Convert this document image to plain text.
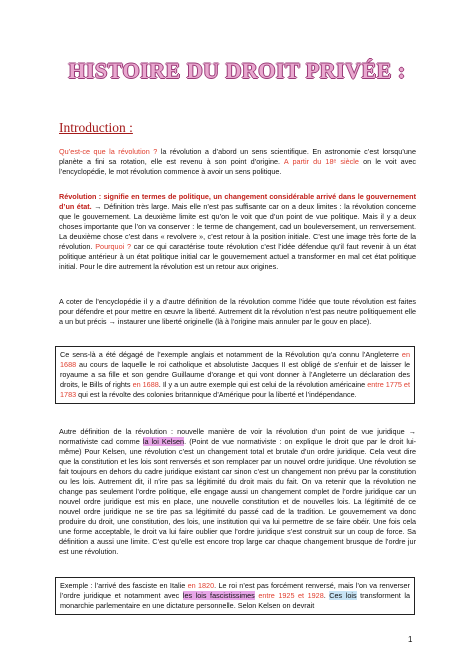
HISTOIRE DU DROIT PRIVÉE :
Introduction :

Qu’est-ce que la révolution ? la révolution a d’abord un sens scientifique. En astronomie c’est lorsqu’une planète a fini sa rotation, elle est revenu à son point d’origine. A partir du 18ᵉ siècle on le voit avec l’encyclopédie, le mot révolution commence à avoir un sens politique.

Révolution : signifie en termes de politique, un changement considérable arrivé dans le gouvernement d’un état. → Définition très large. Mais elle n’est pas suffisante car on a deux limites : la révolution concerne que le gouvernement. La deuxième limite est qu’on le voit que d’un point de vue politique. Mais il y a deux choses importante que l’on va conserver : le terme de changement, cad un bouleversement, un renversement. La deuxième chose c’est dans « revolvere », c’est retour à la position initiale. C’est une image très forte de la révolution. Pourquoi ? car ce qui caractérise toute révolution c’est l’idée défendue qu’il faut revenir à un état politique antérieur à un état politique initial car le gouvernement actuel a transformer en mal cet état politique initial. Pour le dire autrement la révolution est un retour aux origines.

A coter de l’encyclopédie il y a d’autre définition de la révolution comme l’idée que toute révolution est faites pour défendre et pour mettre en œuvre la liberté. Autrement dit la révolution n’est pas neutre politiquement elle a un but précis → instaurer une liberté originelle (là à l’origine mais annuler par le gouv en place).

Ce sens-là a été dégagé de l’exemple anglais et notamment de la Révolution qu’a connu l’Angleterre en 1688 au cours de laquelle le roi catholique et absolutiste Jacques II est obligé de s’enfuir et de laisser le royaume a sa fille et son gendre Guillaume d’orange et qui vont donner à l’Angleterre un déclaration des droits, le Bills of rights en 1688. Il y a un autre exemple qui est celui de la révolution américaine entre 1775 et 1783 qui est la révolte des colonies britannique d’Amérique pour la liberté et l’indépendance.

Autre définition de la révolution : nouvelle manière de voir la révolution d’un point de vue juridique → normativiste cad comme la loi Kelsen. (Point de vue normativiste : on explique le droit que par le droit lui-même) Pour Kelsen, une révolution c’est un changement total et brutale d’un ordre juridique. Cela veut dire que la constitution et les lois sont renversés et son remplacer par un nouvel ordre juridique. Une révolution se fait toujours en dehors du cadre juridique existant car sinon c’est un changement non prévu par la constitution ou les lois. Autrement dit, il n’ire pas sa légitimité du droit mais du fait. On va retenir que la révolution ne change pas seulement l’ordre politique, elle engage aussi un changement complet de l’ordre juridique car un nouvel ordre juridique est mis en place, une nouvelle constitution et de nouvelles lois. La légitimité de ce nouvel ordre juridique ne se tire pas sa légitimité du passé cad de la tradition. Le gouvernement va donc produire du droit, une constitution, des lois, une institution qui va lui permettre de se faire obéir. Une fois cela une forme acceptable, le droit va lui faire oublier que l’ordre juridique s’est construit sur un coup de force. Sa définition a aussi une limite. C’est qu’elle est encore trop large car chaque changement brusque de l’ordre jur est une révolution.

Exemple : l’arrivé des fasciste en Italie en 1820. Le roi n’est pas forcément renversé, mais l’on va renverser l’ordre juridique et notamment avec les lois fascistissimes entre 1925 et 1928. Ces lois transforment la monarchie parlementaire en une dictature personnelle. Selon Kelsen on devrait
1
